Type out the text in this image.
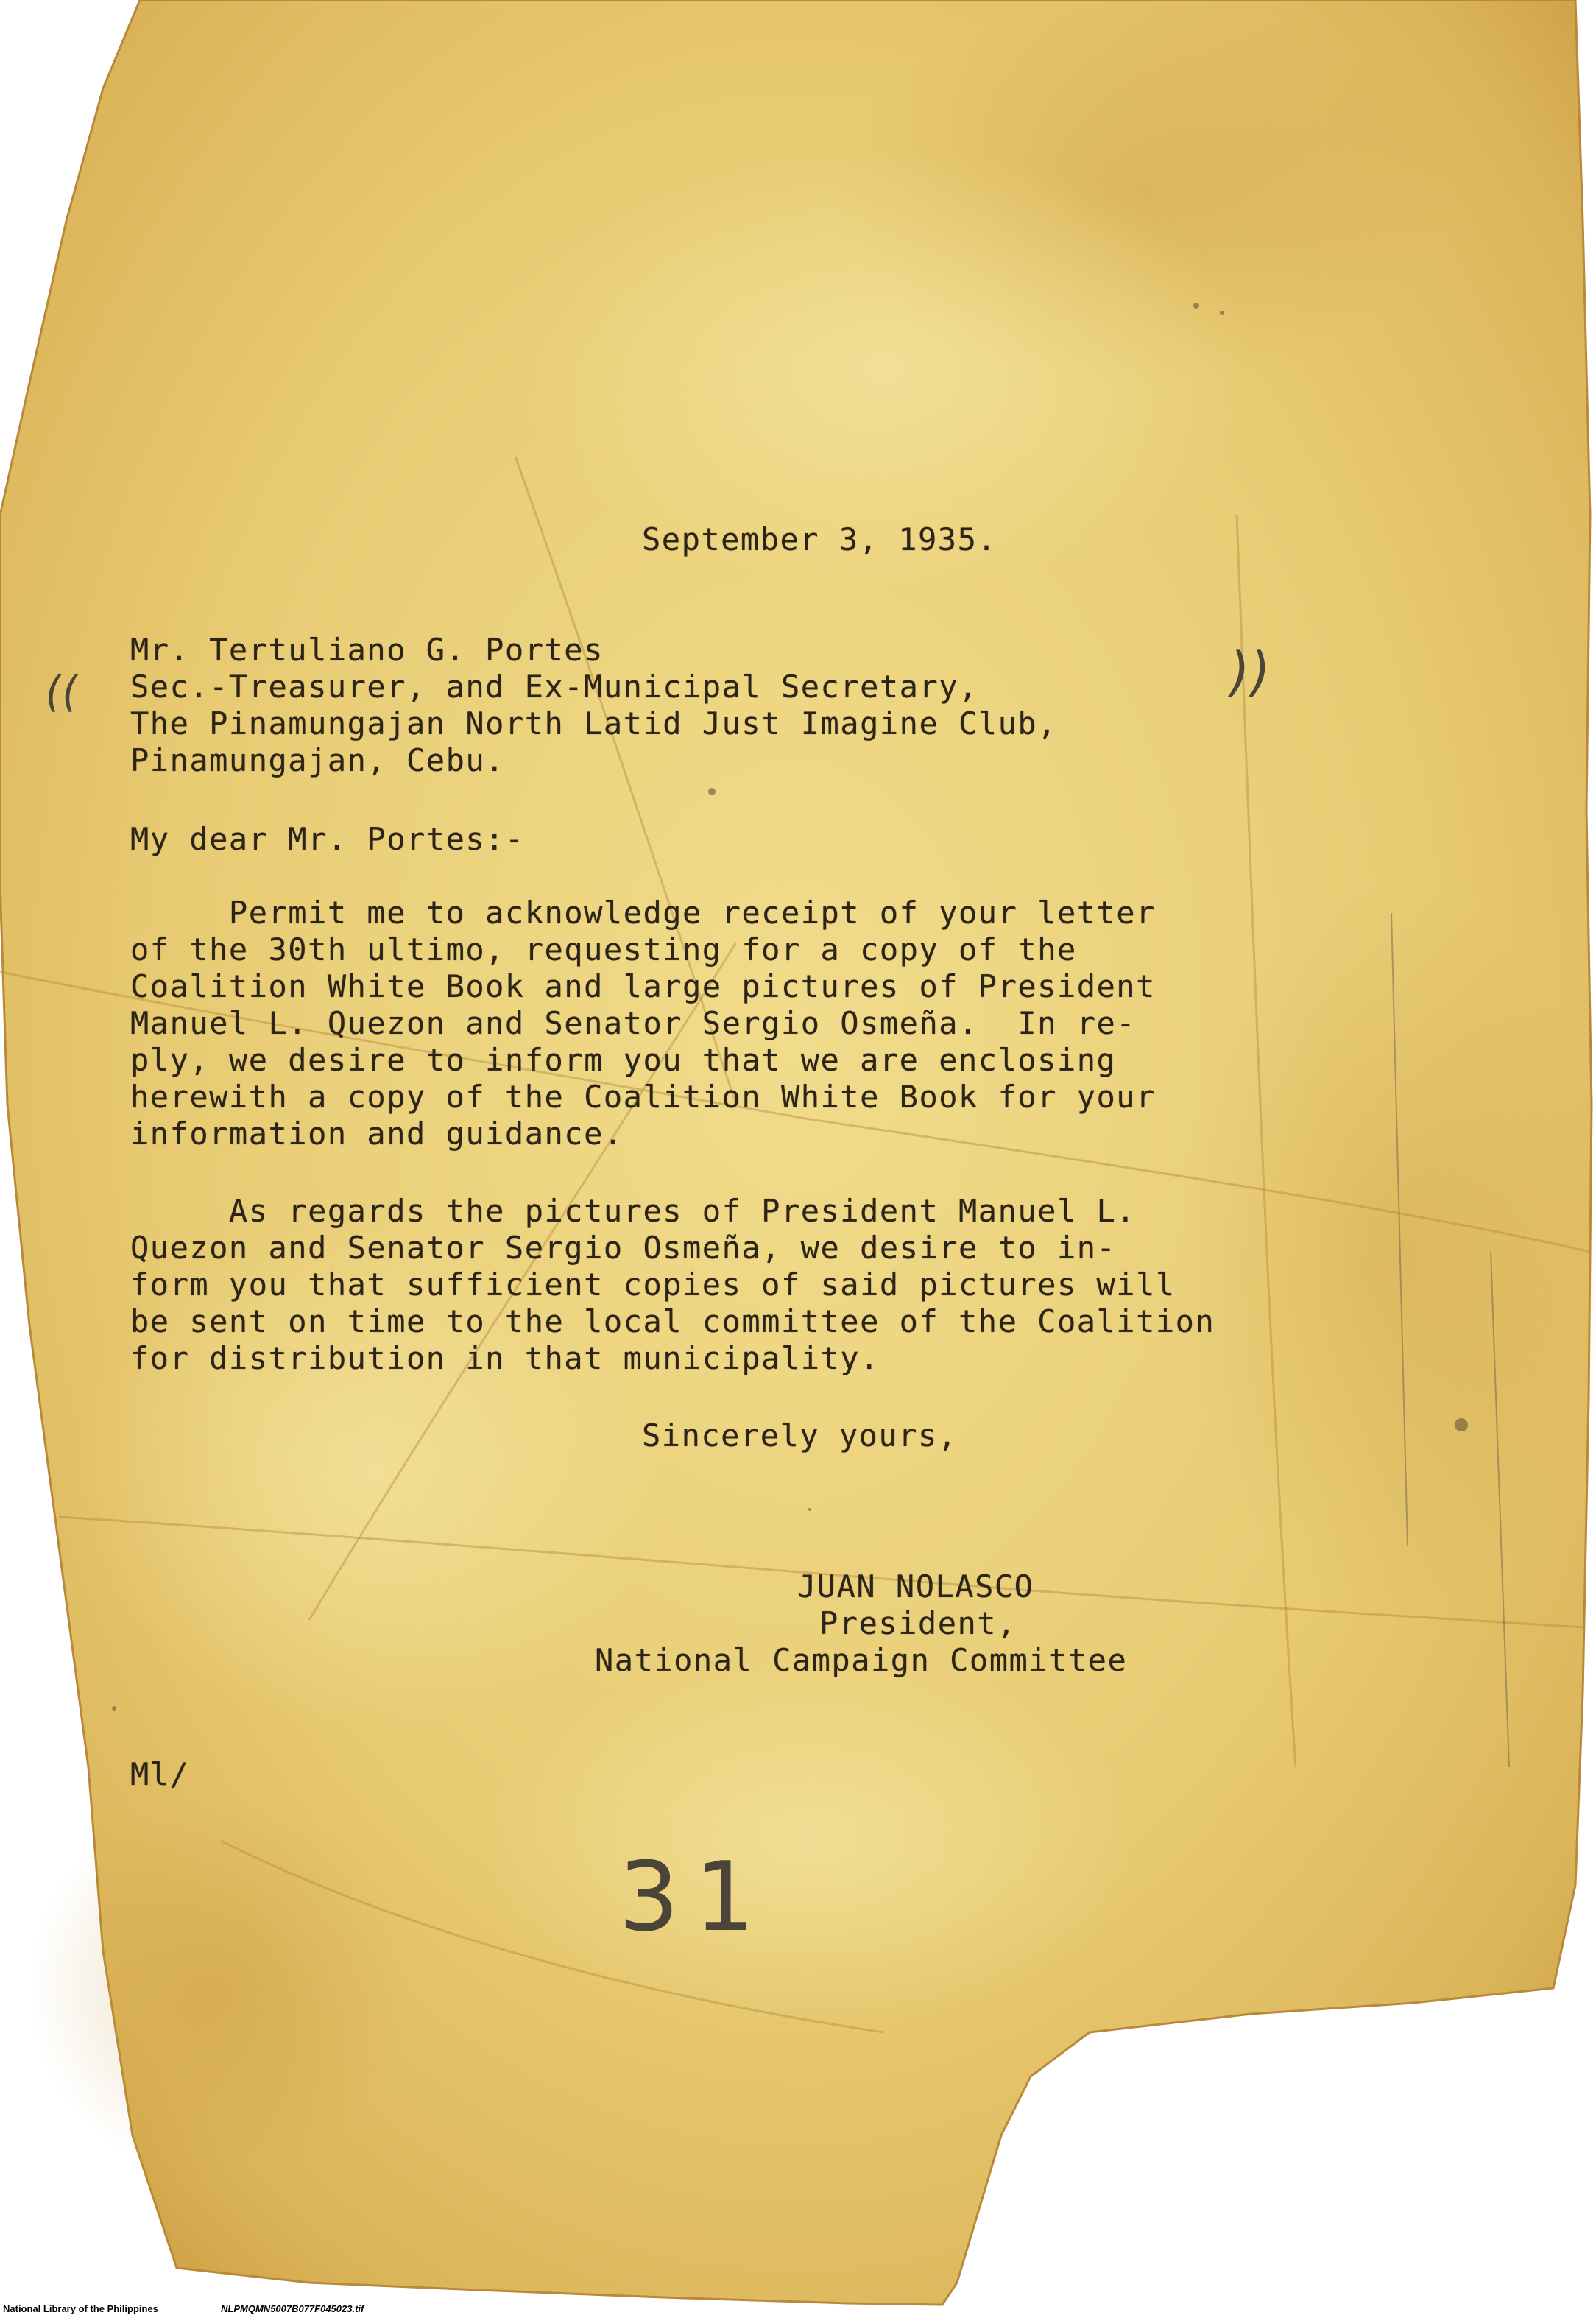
September 3, 1935.
Mr. Tertuliano G. Portes
Sec.-Treasurer, and Ex-Municipal Secretary,
The Pinamungajan North Latid Just Imagine Club,
Pinamungajan, Cebu.
((	))
My dear Mr. Portes:-
Permit me to acknowledge receipt of your letter
of the 30th ultimo, requesting for a copy of the
Coalition White Book and large pictures of President
Manuel L. Quezon and Senator Sergio Osmeña.  In re-
ply, we desire to inform you that we are enclosing
herewith a copy of the Coalition White Book for your
information and guidance.
As regards the pictures of President Manuel L.
Quezon and Senator Sergio Osmeña, we desire to in-
form you that sufficient copies of said pictures will
be sent on time to the local committee of the Coalition
for distribution in that municipality.
Sincerely yours,
JUAN NOLASCO
President,
National Campaign Committee
Ml/
31
National Library of the Philippines	NLPMQMN5007B077F045023.tif
